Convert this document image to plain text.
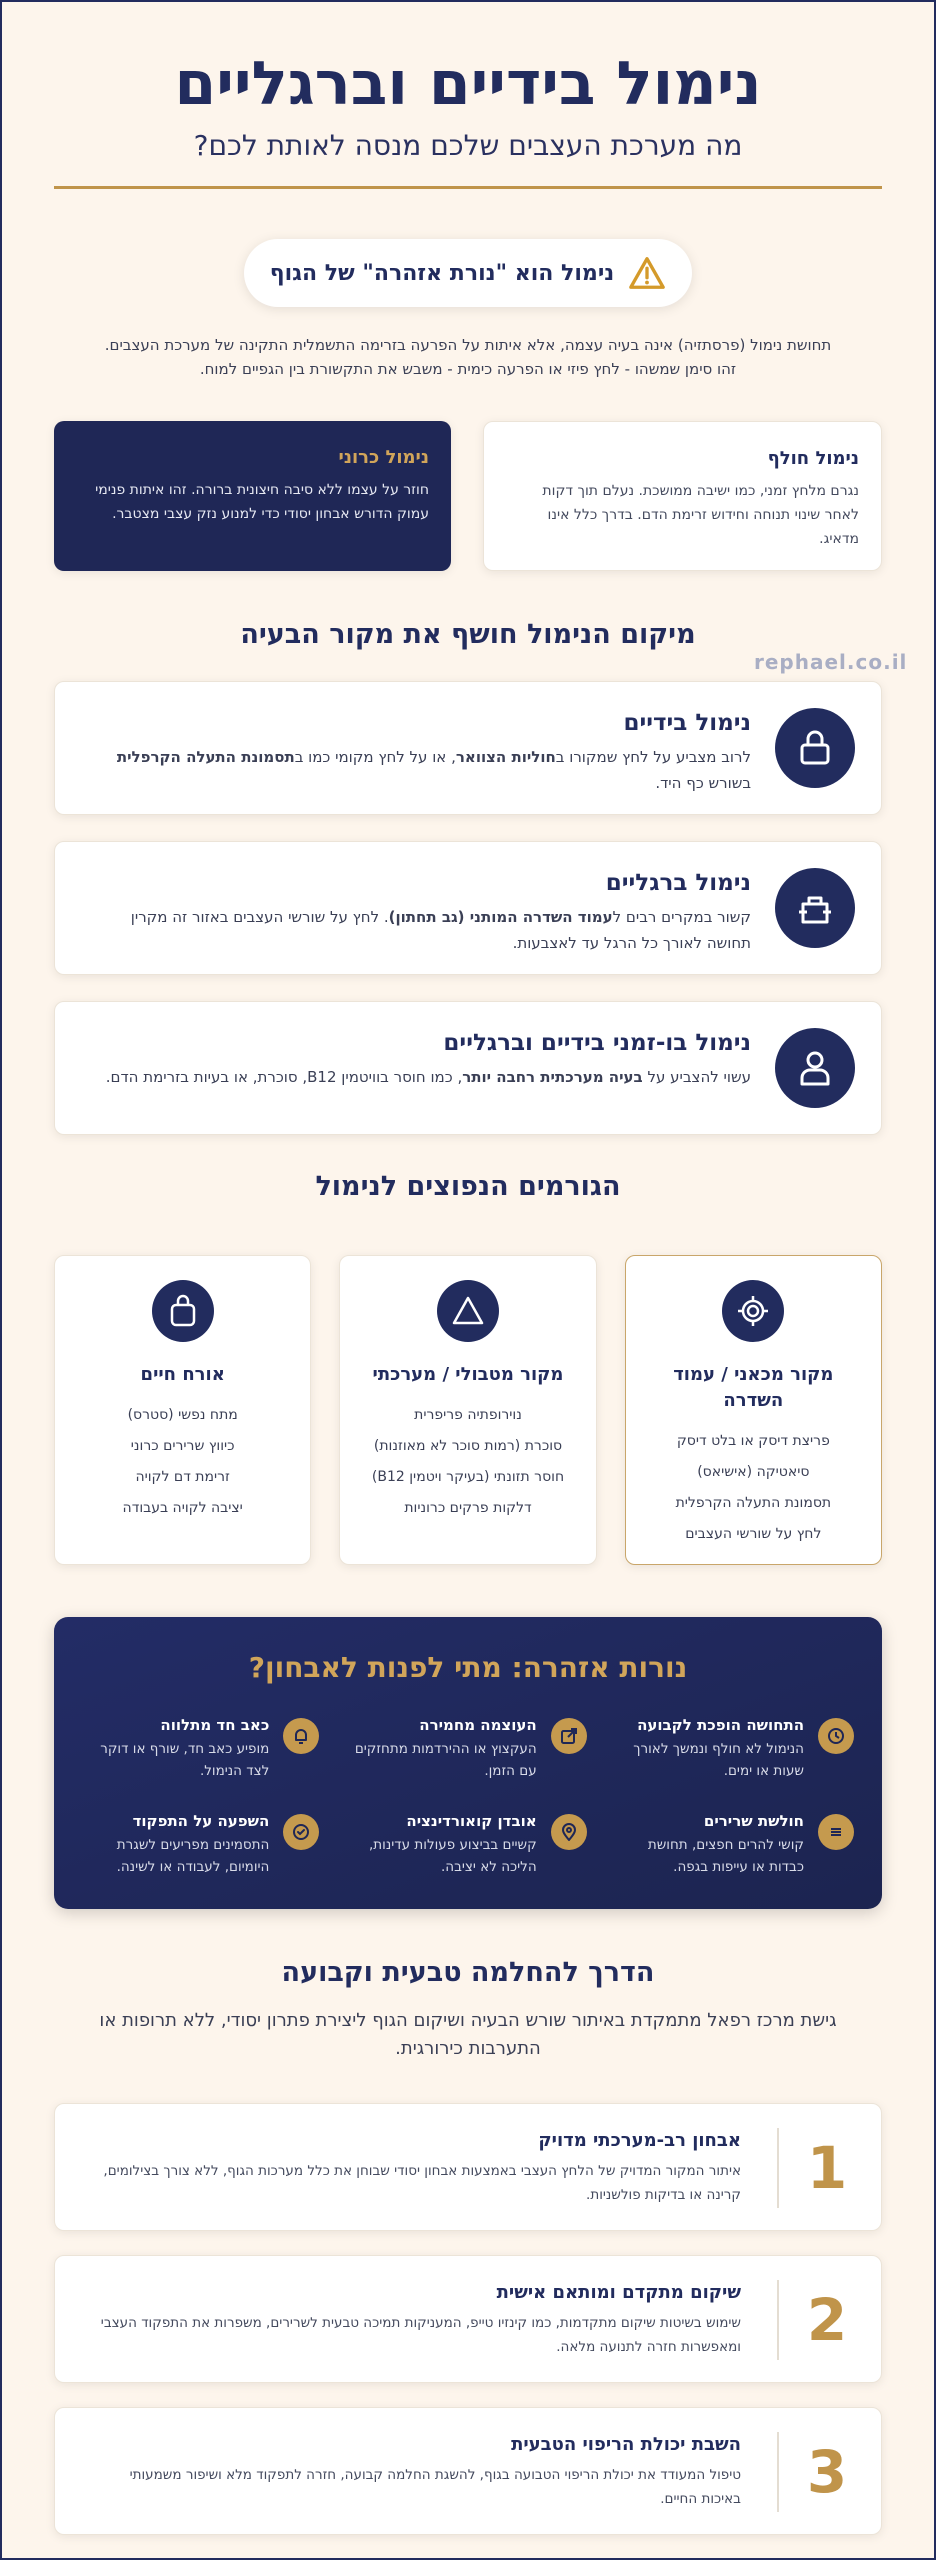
נימול בידיים וברגליים
מה מערכת העצבים שלכם מנסה לאותת לכם?
נימול הוא "נורת אזהרה" של הגוף

תחושת נימול (פרסתזיה) אינה בעיה עצמה, אלא איתות על הפרעה בזרימה התשמלית התקינה של מערכת העצבים. זהו סימן שמשהו - לחץ פיזי או הפרעה כימית - משבש את התקשורת בין הגפיים למוח.

נימול חולף

נגרם מלחץ זמני, כמו ישיבה ממושכת. נעלם תוך דקות לאחר שינוי תנוחה וחידוש זרימת הדם. בדרך כלל אינו מדאיג.

נימול כרוני

חוזר על עצמו ללא סיבה חיצונית ברורה. זהו איתות פנימי עמוק הדורש אבחון יסודי כדי למנוע נזק עצבי מצטבר.

מיקום הנימול חושף את מקור הבעיה
rephael.co.il
נימול בידיים

לרוב מצביע על לחץ שמקורו בחוליות הצוואר, או על לחץ מקומי כמו בתסמונת התעלה הקרפלית בשורש כף היד.

נימול ברגליים

קשור במקרים רבים לעמוד השדרה המותני (גב תחתון). לחץ על שורשי העצבים באזור זה מקרין תחושה לאורך כל הרגל עד לאצבעות.

נימול בו-זמני בידיים וברגליים

עשוי להצביע על בעיה מערכתית רחבה יותר, כמו חוסר בוויטמין B12, סוכרת, או בעיות בזרימת הדם.

הגורמים הנפוצים לנימול
מקור מכאני / עמוד השדרה
פריצת דיסק או בלט דיסק
סיאטיקה (אישיאס)
תסמונת התעלה הקרפלית
לחץ על שורשי העצבים
מקור מטבולי / מערכתי
נוירופתיה פריפרית
סוכרת (רמות סוכר לא מאוזנות)
חוסר תזונתי (בעיקר ויטמין B12)
דלקות פרקים כרוניות
אורח חיים
מתח נפשי (סטרס)
כיווץ שרירים כרוני
זרימת דם לקויה
יציבה לקויה בעבודה
נורות אזהרה: מתי לפנות לאבחון?
התחושה הופכת לקבועה

הנימול לא חולף ונמשך לאורך שעות או ימים.

העוצמה מחמירה

העקצוץ או ההירדמות מתחזקים עם הזמן.

כאב חד מתלווה

מופיע כאב חד, שורף או דוקר לצד הנימול.

חולשת שרירים

קושי להרים חפצים, תחושת כבדות או עייפות בגפה.

אובדן קואורדינציה

קשיים בביצוע פעולות עדינות, הליכה לא יציבה.

השפעה על התפקוד

התסמינים מפריעים לשגרת היומיום, לעבודה או לשינה.

הדרך להחלמה טבעית וקבועה

גישת מרכז רפאל מתמקדת באיתור שורש הבעיה ושיקום הגוף ליצירת פתרון יסודי, ללא תרופות או התערבות כירורגית.

1
אבחון רב-מערכתי מדויק

איתור המקור המדויק של הלחץ העצבי באמצעות אבחון יסודי שבוחן את כלל מערכות הגוף, ללא צורך בצילומים, קרינה או בדיקות פולשניות.

2
שיקום מתקדם ומותאם אישית

שימוש בשיטות שיקום מתקדמות, כמו קינזיו טייפ, המעניקות תמיכה טבעית לשרירים, משפרות את התפקוד העצבי ומאפשרות חזרה לתנועה מלאה.

3
השבת יכולת הריפוי הטבעית

טיפול המעודד את יכולת הריפוי הטבועה בגוף, להשגת החלמה קבועה, חזרה לתפקוד מלא ושיפור משמעותי באיכות החיים.
